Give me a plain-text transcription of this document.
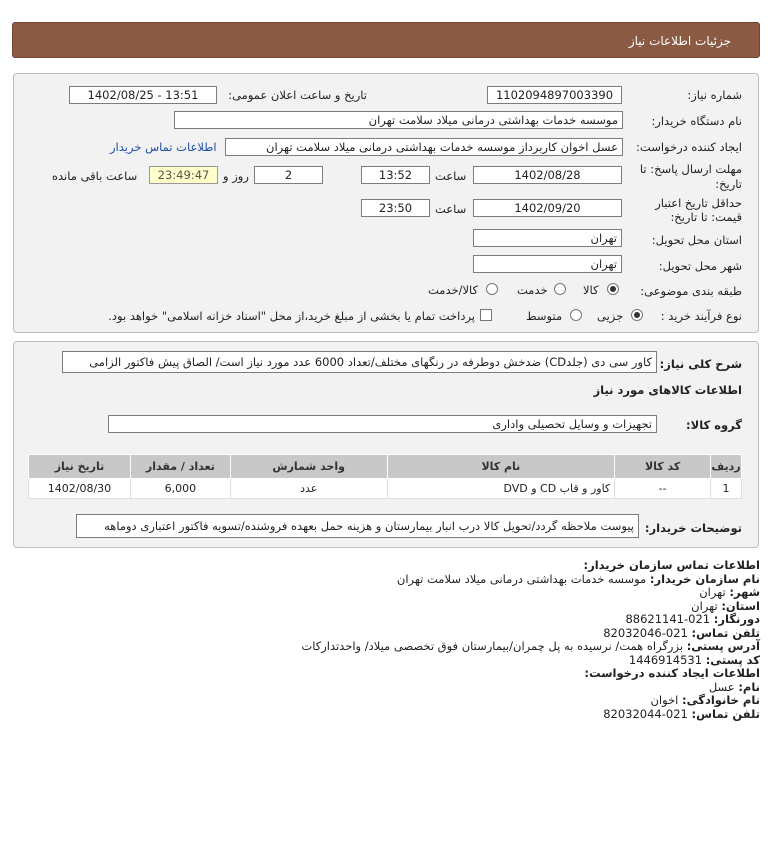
جزئیات اطلاعات نیاز
شماره نیاز:
1102094897003390
تاریخ و ساعت اعلان عمومی:
1402/08/25 - 13:51
نام دستگاه خریدار:
موسسه خدمات بهداشتی درمانی میلاد سلامت تهران
ایجاد کننده درخواست:
عسل اخوان کاربرداز موسسه خدمات بهداشتی درمانی میلاد سلامت تهران
اطلاعات تماس خریدار
مهلت ارسال پاسخ: تا
تاریخ:
1402/08/28
ساعت
13:52
2
روز و
23:49:47
ساعت باقی مانده
حداقل تاریخ اعتبار
قیمت: تا تاریخ:
1402/09/20
ساعت
23:50
استان محل تحویل:
تهران
شهر محل تحویل:
تهران
طبقه بندی موضوعی:
کالا
خدمت
کالا/خدمت
نوع فرآیند خرید :
جزیی
متوسط
پرداخت تمام یا بخشی از مبلغ خرید،از محل "اسناد خزانه اسلامی" خواهد بود.
شرح کلی نیاز:
کاور سی دی (جلدCD) ضدخش دوطرفه در رنگهای مختلف/تعداد 6000 عدد مورد نیاز است/ الصاق پیش فاکتور الزامی
اطلاعات کالاهای مورد نیاز
گروه کالا:
تجهیزات و وسایل تحصیلی واداری
ردیف	کد کالا	نام کالا	واحد شمارش	تعداد / مقدار	تاریخ نیاز
1	--	کاور و قاب CD و DVD	عدد	6,000	1402/08/30
توضیحات خریدار:
پیوست ملاحظه گردد/تحویل کالا درب انبار بیمارستان و هزینه حمل بعهده فروشنده/تسویه فاکتور اعتباری دوماهه
اطلاعات تماس سازمان خریدار:
نام سازمان خریدار: موسسه خدمات بهداشتی درمانی میلاد سلامت تهران
شهر: تهران
استان: تهران
دورنگار: 021-88621141
تلفن تماس: 021-82032046
آدرس پستی: بزرگراه همت/ نرسیده به پل چمران/بیمارستان فوق تخصصی میلاد/ واحدتدارکات
کد پستی: 1446914531
اطلاعات ایجاد کننده درخواست:
نام: عسل
نام خانوادگی: اخوان
تلفن تماس: 021-82032044
